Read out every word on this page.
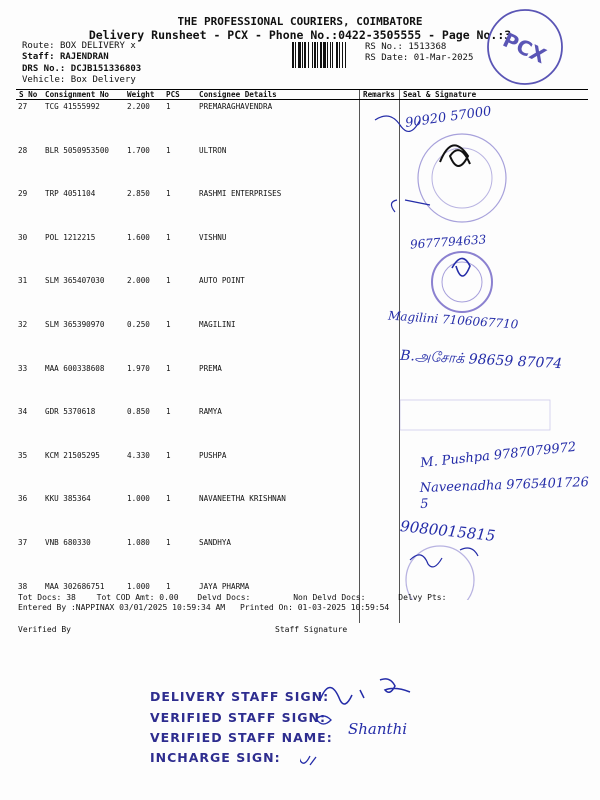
THE PROFESSIONAL COURIERS, COIMBATORE
Delivery Runsheet - PCX - Phone No.:0422-3505555 - Page No.:3
Route: BOX DELIVERY x
Staff: RAJENDRAN
DRS No.: DCJB151336803
Vehicle: Box Delivery
RS No.: 1513368
RS Date: 01-Mar-2025 PCX
S No	Consignment No	Weight	PCS	Consignee Details	Remarks	Seal & Signature
27	TCG 41555992	2.200	1	PREMARAGHAVENDRA		
28	BLR 5050953500	1.700	1	ULTRON		
29	TRP 4051104	2.850	1	RASHMI ENTERPRISES		
30	POL 1212215	1.600	1	VISHNU		
31	SLM 365407030	2.000	1	AUTO POINT		
32	SLM 365390970	0.250	1	MAGILINI		
33	MAA 600338608	1.970	1	PREMA		
34	GDR 5370618	0.850	1	RAMYA		
35	KCM 21505295	4.330	1	PUSHPA		
36	KKU 385364	1.000	1	NAVANEETHA KRISHNAN		
37	VNB 680330	1.080	1	SANDHYA		
38	MAA 302686751	1.000	1	JAYA PHARMA		
90920 57000
9677794633
Magilini 7106067710
B.அசோக் 98659 87074
M. Pushpa 9787079972
Naveenadha 9765401726 5
9080015815
Tot Docs: 38	Tot COD Amt: 0.00 Delvd Docs:	Non Delvd Docs:	Delvy Pts:
Entered By :NAPPINAX 03/01/2025 10:59:34 AM Printed On: 01-03-2025 10:59:54
Verified By	Staff Signature
DELIVERY STAFF SIGN:
VERIFIED STAFF SIGN:
VERIFIED STAFF NAME:
INCHARGE SIGN:
Shanthi
